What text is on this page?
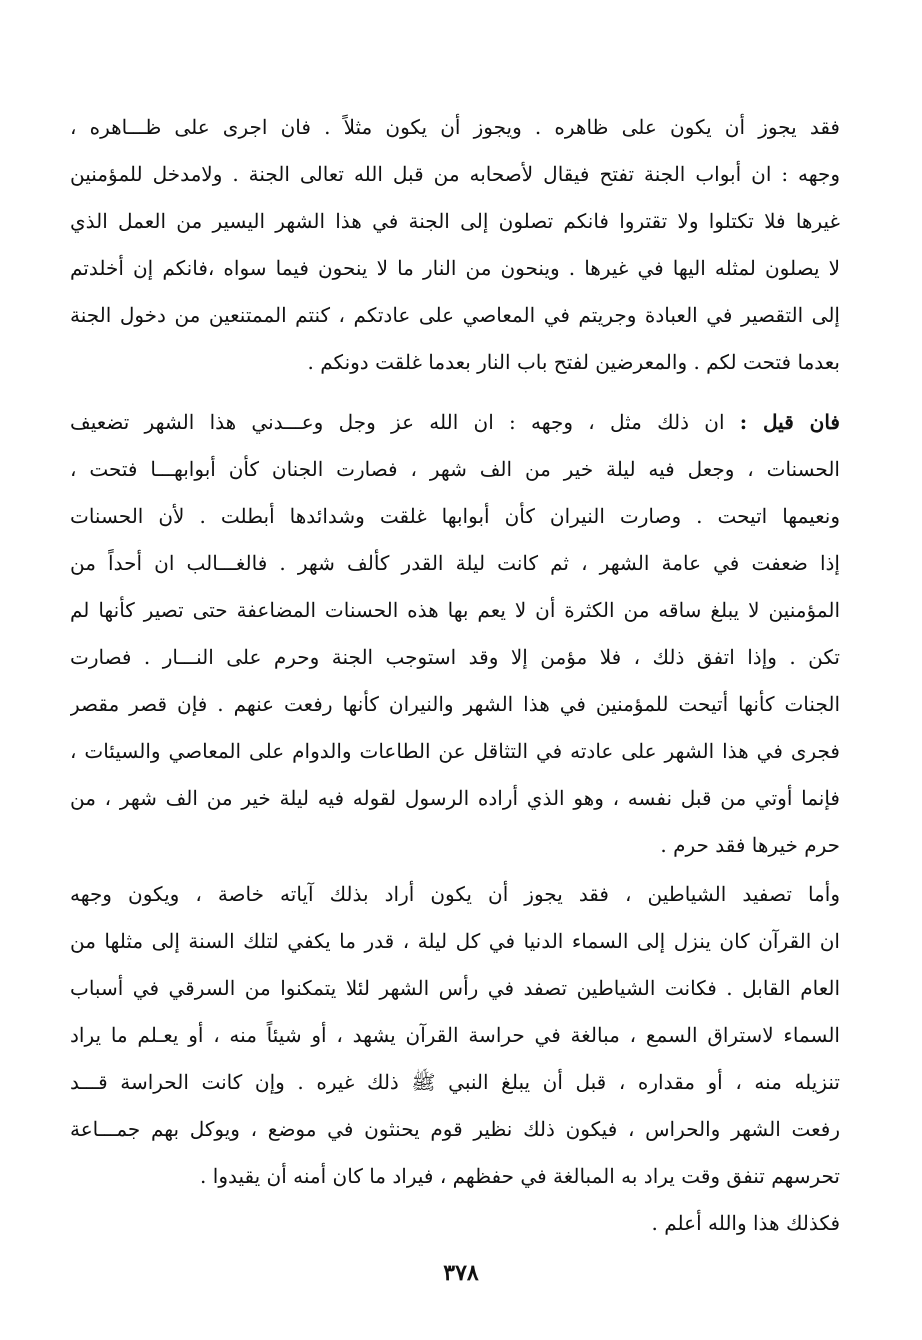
فقد يجوز أن يكون على ظاهره . ويجوز أن يكون مثلاً . فان اجرى على ظـــاهره ،
وجهه : ان أبواب الجنة تفتح فيقال لأصحابه من قبل الله تعالى الجنة . ولامدخل للمؤمنين
غيرها فلا تكتلوا ولا تقتروا فانكم تصلون إلى الجنة في هذا الشهر اليسير من العمل الذي
لا يصلون لمثله اليها في غيرها . وينحون من النار ما لا ينحون فيما سواه ،فانكم إن أخلدتم
إلى التقصير في العبادة وجريتم في المعاصي على عادتكم ، كنتم الممتنعين من دخول الجنة
بعدما فتحت لكم . والمعرضين لفتح باب النار بعدما غلقت دونكم .
فان قيل : ان ذلك مثل ، وجهه : ان الله عز وجل وعـــدني هذا الشهر تضعيف
الحسنات ، وجعل فيه ليلة خير من الف شهر ، فصارت الجنان كأن أبوابهـــا فتحت ،
ونعيمها اتيحت . وصارت النيران كأن أبوابها غلقت وشدائدها أبطلت . لأن الحسنات
إذا ضعفت في عامة الشهر ، ثم كانت ليلة القدر كألف شهر . فالغـــالب ان أحداً من
المؤمنين لا يبلغ ساقه من الكثرة أن لا يعم بها هذه الحسنات المضاعفة حتى تصير كأنها لم
تكن . وإذا اتفق ذلك ، فلا مؤمن إلا وقد استوجب الجنة وحرم على النـــار . فصارت
الجنات كأنها أتيحت للمؤمنين في هذا الشهر والنيران كأنها رفعت عنهم . فإن قصر مقصر
فجرى في هذا الشهر على عادته في التثاقل عن الطاعات والدوام على المعاصي والسيئات ،
فإنما أوتي من قبل نفسه ، وهو الذي أراده الرسول لقوله فيه ليلة خير من الف شهر ، من
حرم خيرها فقد حرم .
وأما تصفيد الشياطين ، فقد يجوز أن يكون أراد بذلك آياته خاصة ، ويكون وجهه
ان القرآن كان ينزل إلى السماء الدنيا في كل ليلة ، قدر ما يكفي لتلك السنة إلى مثلها من
العام القابل . فكانت الشياطين تصفد في رأس الشهر لئلا يتمكنوا من السرقي في أسباب
السماء لاستراق السمع ، مبالغة في حراسة القرآن يشهد ، أو شيئاً منه ، أو يعـلم ما يراد
تنزيله منه ، أو مقداره ، قبل أن يبلغ النبي ﷺ ذلك غيره . وإن كانت الحراسة قـــد
رفعت الشهر والحراس ، فيكون ذلك نظير قوم يحنثون في موضع ، ويوكل بهم جمـــاعة
تحرسهم تنفق وقت يراد به المبالغة في حفظهم ، فيراد ما كان أمنه أن يقيدوا .
فكذلك هذا والله أعلم .
٣٧٨
